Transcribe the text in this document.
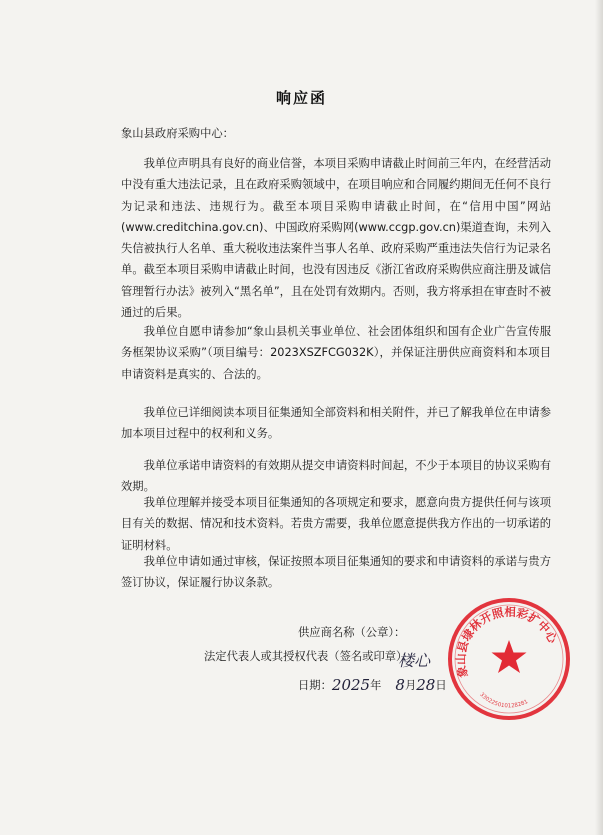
响应函
象山县政府采购中心：
我单位声明具有良好的商业信誉，本项目采购申请截止时间前三年内，在经营活动中没有重大违法记录，且在政府采购领域中，在项目响应和合同履约期间无任何不良行为记录和违法、违规行为。截至本项目采购申请截止时间，在“信用中国”网站(www.creditchina.gov.cn)、中国政府采购网(www.ccgp.gov.cn)渠道查询，未列入失信被执行人名单、重大税收违法案件当事人名单、政府采购严重违法失信行为记录名单。截至本项目采购申请截止时间，也没有因违反《浙江省政府采购供应商注册及诚信管理暂行办法》被列入“黑名单”，且在处罚有效期内。否则，我方将承担在审查时不被通过的后果。
我单位自愿申请参加“象山县机关事业单位、社会团体组织和国有企业广告宣传服务框架协议采购”（项目编号：2023XSZFCG032K），并保证注册供应商资料和本项目申请资料是真实的、合法的。
我单位已详细阅读本项目征集通知全部资料和相关附件，并已了解我单位在申请参加本项目过程中的权利和义务。
我单位承诺申请资料的有效期从提交申请资料时间起，不少于本项目的协议采购有效期。
我单位理解并接受本项目征集通知的各项规定和要求，愿意向贵方提供任何与该项目有关的数据、情况和技术资料。若贵方需要，我单位愿意提供我方作出的一切承诺的证明材料。
我单位申请如通过审核，保证按照本项目征集通知的要求和申请资料的承诺与贵方签订协议，保证履行协议条款。
供应商名称（公章）：
法定代表人或其授权代表（签名或印章）：
楼心
日期：2025年 8月28日
象山县埭林开照相彩扩中心
330225010128281
